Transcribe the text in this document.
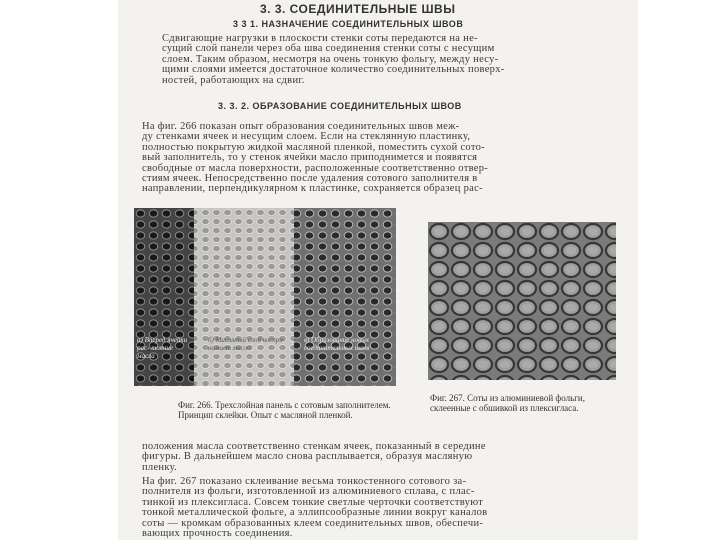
3. 3. СОЕДИНИТЕЛЬНЫЕ ШВЫ
3 3 1. НАЗНАЧЕНИЕ СОЕДИНИТЕЛЬНЫХ ШВОВ
Сдвигающие нагрузки в плоскости стенки соты передаются на не-
сущий слой панели через оба шва соединения стенки соты с несущим
слоем. Таким образом, несмотря на очень тонкую фольгу, между несу-
щими слоями имеется достаточное количество соединительных поверх-
ностей, работающих на сдвиг.
3. 3. 2. ОБРАЗОВАНИЕ СОЕДИНИТЕЛЬНЫХ ШВОВ
На фиг. 266 показан опыт образования соединительных швов меж-
ду стенками ячеек и несущим слоем. Если на стеклянную пластинку,
полностью покрытую жидкой масляной пленкой, поместить сухой сото-
вый заполнитель, то у стенок ячейки масло приподнимется и появятся
свободные от масла поверхности, расположенные соответственно отвер-
стиям ячеек. Непосредственно после удаления сотового заполнителя в
направлении, перпендикулярном к пластинке, сохраняется образец рас-
а) Вперед ячейки рас- тояние масла
б) Масляный слой воспри- нимает масло
в) Образование новых соединительных швов
Фиг. 266. Трехслойная панель с сотовым заполнителем. Принцип склейки. Опыт с масляной пленкой.
Фиг. 267. Соты из алюминиевой фольги, склеенные с обшивкой из плексигласа.
положения масла соответственно стенкам ячеек, показанный в середине
фигуры. В дальнейшем масло снова расплывается, образуя масляную
пленку.
На фиг. 267 показано склеивание весьма тонкостенного сотового за-
полнителя из фольги, изготовленной из алюминиевого сплава, с плас-
тинкой из плексигласа. Совсем тонкие светлые черточки соответствуют
тонкой металлической фольге, а эллипсообразные линии вокруг каналов
соты — кромкам образованных клеем соединительных швов, обеспечи-
вающих прочность соединения.
